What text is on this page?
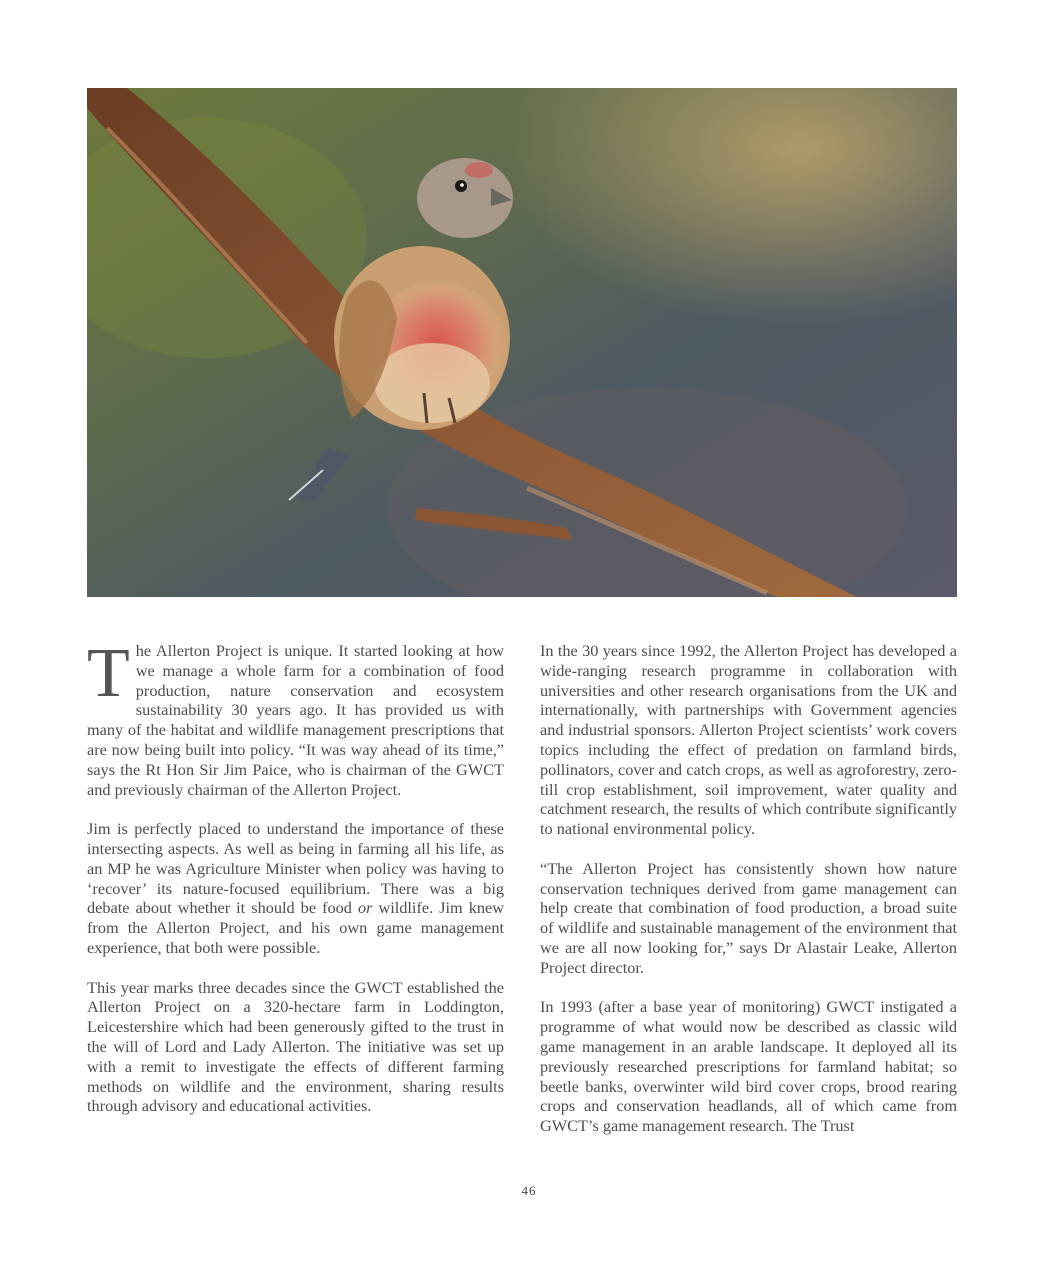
The Allerton Project is unique. It started looking at how we manage a whole farm for a combination of food production, nature conservation and ecosystem sustainability 30 years ago. It has provided us with many of the habitat and wildlife management prescriptions that are now being built into policy. “It was way ahead of its time,” says the Rt Hon Sir Jim Paice, who is chairman of the GWCT and previously chairman of the Allerton Project.

Jim is perfectly placed to understand the importance of these intersecting aspects. As well as being in farming all his life, as an MP he was Agriculture Minister when policy was having to ‘recover’ its nature-focused equilibrium. There was a big debate about whether it should be food or wildlife. Jim knew from the Allerton Project, and his own game management experience, that both were possible.

This year marks three decades since the GWCT established the Allerton Project on a 320-hectare farm in Loddington, Leicestershire which had been generously gifted to the trust in the will of Lord and Lady Allerton. The initiative was set up with a remit to investigate the effects of different farming methods on wildlife and the environment, sharing results through advisory and educational activities.

In the 30 years since 1992, the Allerton Project has developed a wide-ranging research programme in collaboration with universities and other research organisations from the UK and internationally, with partnerships with Government agencies and industrial sponsors. Allerton Project scientists’ work covers topics including the effect of predation on farmland birds, pollinators, cover and catch crops, as well as agroforestry, zero-till crop establishment, soil improvement, water quality and catchment research, the results of which contribute significantly to national environmental policy.

“The Allerton Project has consistently shown how nature conservation techniques derived from game management can help create that combination of food production, a broad suite of wildlife and sustainable management of the environment that we are all now looking for,” says Dr Alastair Leake, Allerton Project director.

In 1993 (after a base year of monitoring) GWCT instigated a programme of what would now be described as classic wild game management in an arable landscape. It deployed all its previously researched prescriptions for farmland habitat; so beetle banks, overwinter wild bird cover crops, brood rearing crops and conservation headlands, all of which came from GWCT’s game management research. The Trust

46
